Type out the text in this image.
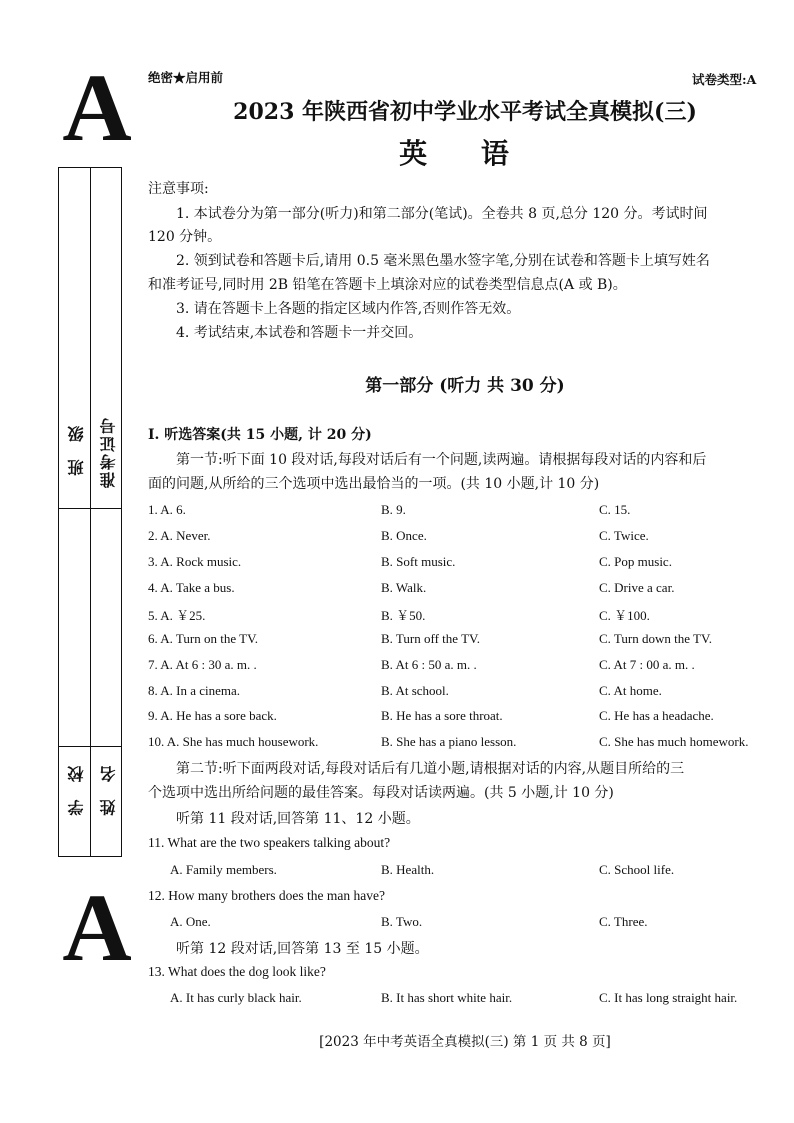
A
A
班 级 准考证号
学 校 姓 名
绝密★启用前	试卷类型:A
2023 年陕西省初中学业水平考试全真模拟(三)
英 语
注意事项:
1. 本试卷分为第一部分(听力)和第二部分(笔试)。全卷共 8 页,总分 120 分。考试时间
120 分钟。
2. 领到试卷和答题卡后,请用 0.5 毫米黑色墨水签字笔,分别在试卷和答题卡上填写姓名
和准考证号,同时用 2B 铅笔在答题卡上填涂对应的试卷类型信息点(A 或 B)。
3. 请在答题卡上各题的指定区域内作答,否则作答无效。
4. 考试结束,本试卷和答题卡一并交回。
第一部分 (听力 共 30 分)
Ⅰ. 听选答案(共 15 小题, 计 20 分)
第一节:听下面 10 段对话,每段对话后有一个问题,读两遍。请根据每段对话的内容和后
面的问题,从所给的三个选项中选出最恰当的一项。(共 10 小题,计 10 分)
1. A. 6.	B. 9.	C. 15.
2. A. Never.	B. Once.	C. Twice.
3. A. Rock music.	B. Soft music.	C. Pop music.
4. A. Take a bus.	B. Walk.	C. Drive a car.
5. A. ￥25.	B. ￥50.	C. ￥100.
6. A. Turn on the TV.	B. Turn off the TV.	C. Turn down the TV.
7. A. At 6 : 30 a. m. .	B. At 6 : 50 a. m. .	C. At 7 : 00 a. m. .
8. A. In a cinema.	B. At school.	C. At home.
9. A. He has a sore back.	B. He has a sore throat.	C. He has a headache.
10. A. She has much housework.	B. She has a piano lesson.	C. She has much homework.
第二节:听下面两段对话,每段对话后有几道小题,请根据对话的内容,从题目所给的三
个选项中选出所给问题的最佳答案。每段对话读两遍。(共 5 小题,计 10 分)
听第 11 段对话,回答第 11、12 小题。
11. What are the two speakers talking about?
A. Family members.	B. Health.	C. School life.
12. How many brothers does the man have?
A. One.	B. Two.	C. Three.
听第 12 段对话,回答第 13 至 15 小题。
13. What does the dog look like?
A. It has curly black hair.	B. It has short white hair.	C. It has long straight hair.
[2023 年中考英语全真模拟(三) 第 1 页 共 8 页]
